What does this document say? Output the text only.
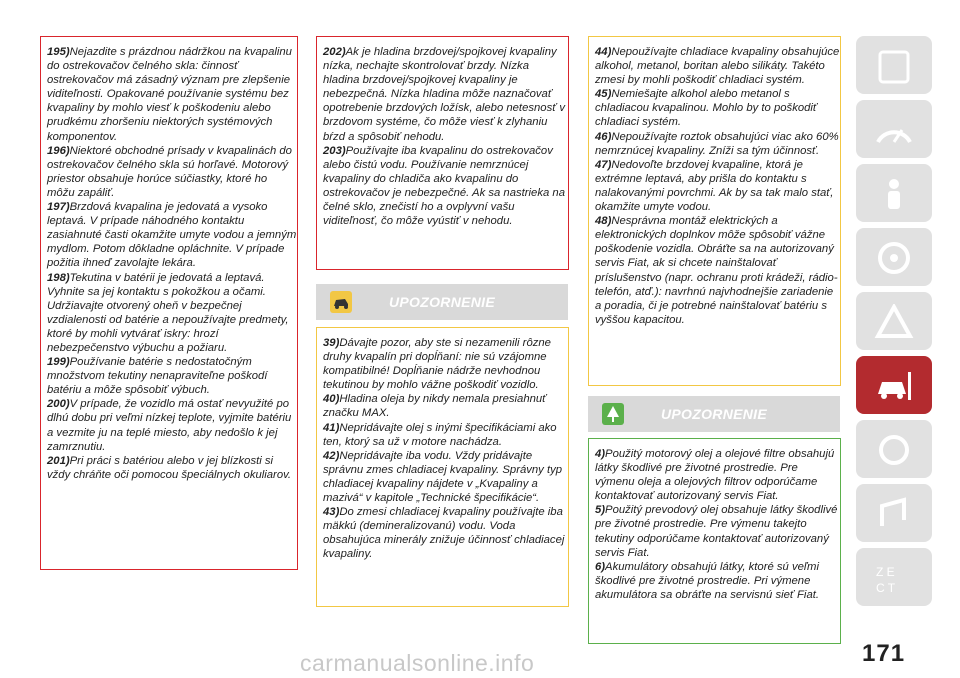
195)Nejazdite s prázdnou nádržkou na kvapalinu do ostrekovačov čelného skla: činnosť ostrekovačov má zásadný význam pre zlepšenie viditeľnosti. Opakované používanie systému bez kvapaliny by mohlo viesť k poškodeniu alebo prudkému zhoršeniu niektorých systémových komponentov.

196)Niektoré obchodné prísady v kvapalinách do ostrekovačov čelného skla sú horľavé. Motorový priestor obsahuje horúce súčiastky, ktoré ho môžu zapáliť.

197)Brzdová kvapalina je jedovatá a vysoko leptavá. V prípade náhodného kontaktu zasiahnuté časti okamžite umyte vodou a jemným mydlom. Potom dôkladne opláchnite. V prípade požitia ihneď zavolajte lekára.

198)Tekutina v batérii je jedovatá a leptavá. Vyhnite sa jej kontaktu s pokožkou a očami. Udržiavajte otvorený oheň v bezpečnej vzdialenosti od batérie a nepoužívajte predmety, ktoré by mohli vytvárať iskry: hrozí nebezpečenstvo výbuchu a požiaru.

199)Používanie batérie s nedostatočným množstvom tekutiny nenapraviteľne poškodí batériu a môže spôsobiť výbuch.

200)V prípade, že vozidlo má ostať nevyužité po dlhú dobu pri veľmi nízkej teplote, vyjmite batériu a vezmite ju na teplé miesto, aby nedošlo k jej zamrznutiu.

201)Pri práci s batériou alebo v jej blízkosti si vždy chráňte oči pomocou špeciálnych okuliarov.

202)Ak je hladina brzdovej/spojkovej kvapaliny nízka, nechajte skontrolovať brzdy. Nízka hladina brzdovej/spojkovej kvapaliny je nebezpečná. Nízka hladina môže naznačovať opotrebenie brzdových ložísk, alebo netesnosť v brzdovom systéme, čo môže viesť k zlyhaniu bŕzd a spôsobiť nehodu.

203)Používajte iba kvapalinu do ostrekovačov alebo čistú vodu. Používanie nemrznúcej kvapaliny do chladiča ako kvapalinu do ostrekovačov je nebezpečné. Ak sa nastriekа na čelné sklo, znečistí ho a ovplyvní vašu viditeľnosť, čo môže vyústiť v nehodu.

UPOZORNENIE

39)Dávajte pozor, aby ste si nezamenili rôzne druhy kvapalín pri dopĺňaní: nie sú vzájomne kompatibilné! Dopĺňanie nádrže nevhodnou tekutinou by mohlo vážne poškodiť vozidlo.

40)Hladina oleja by nikdy nemala presiahnuť značku MAX.

41)Nepridávajte olej s inými špecifikáciami ako ten, ktorý sa už v motore nachádza.

42)Nepridávajte iba vodu. Vždy pridávajte správnu zmes chladiacej kvapaliny. Správny typ chladiacej kvapaliny nájdete v „Kvapaliny a mazivá“ v kapitole „Technické špecifikácie“.

43)Do zmesi chladiacej kvapaliny používajte iba mäkkú (demineralizovanú) vodu. Voda obsahujúca minerály znižuje účinnosť chladiacej kvapaliny.

44)Nepoužívajte chladiace kvapaliny obsahujúce alkohol, metanol, boritan alebo silikáty. Takéto zmesi by mohli poškodiť chladiaci systém.

45)Nemiešajte alkohol alebo metanol s chladiacou kvapalinou. Mohlo by to poškodiť chladiaci systém.

46)Nepoužívajte roztok obsahujúci viac ako 60% nemrznúcej kvapaliny. Zníži sa tým účinnosť.

47)Nedovoľte brzdovej kvapaline, ktorá je extrémne leptavá, aby prišla do kontaktu s nalakovanými povrchmi. Ak by sa tak malo stať, okamžite umyte vodou.

48)Nesprávna montáž elektrických a elektronických doplnkov môže spôsobiť vážne poškodenie vozidla. Obráťte sa na autorizovaný servis Fiat, ak si chcete nainštalovať príslušenstvo (napr. ochranu proti krádeži, rádio-telefón, atď.): navrhnú najvhodnejšie zariadenie a poradia, či je potrebné nainštalovať batériu s vyššou kapacitou.

UPOZORNENIE

4)Použitý motorový olej a olejové filtre obsahujú látky škodlivé pre životné prostredie. Pre výmenu oleja a olejových filtrov odporúčame kontaktovať autorizovaný servis Fiat.

5)Použitý prevodový olej obsahuje látky škodlivé pre životné prostredie. Pre výmenu takejto tekutiny odporúčame kontaktovať autorizovaný servis Fiat.

6)Akumulátory obsahujú látky, ktoré sú veľmi škodlivé pre životné prostredie. Pri výmene akumulátora sa obráťte na servisnú sieť Fiat.

Z E
C T
171
carmanualsonline.info
